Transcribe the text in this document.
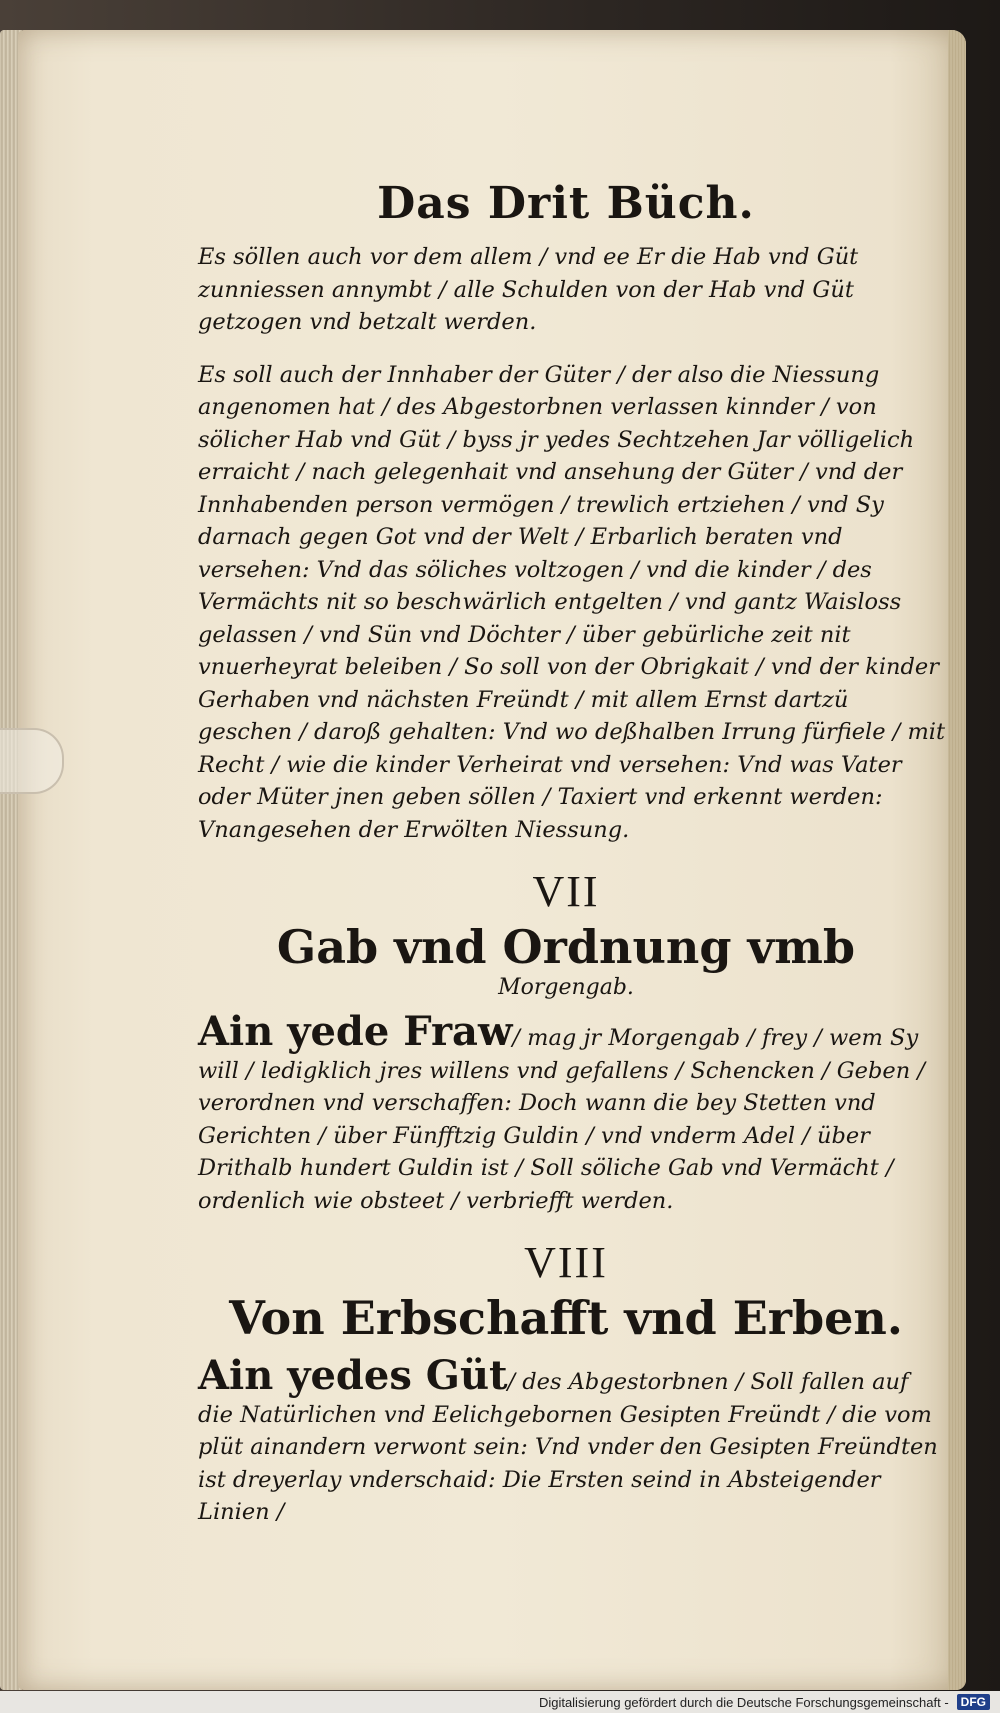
Das Drit Büch.

Es söllen auch vor dem allem / vnd ee Er die Hab vnd Güt zunniessen annymbt / alle Schulden von der Hab vnd Güt getzogen vnd betzalt werden.

Es soll auch der Innhaber der Güter / der also die Niessung angenomen hat / des Abgestorbnen verlassen kinnder / von sölicher Hab vnd Güt / byss jr yedes Sechtzehen Jar völligelich erraicht / nach gelegenhait vnd ansehung der Güter / vnd der Innhabenden person vermögen / trewlich ertziehen / vnd Sy darnach gegen Got vnd der Welt / Erbarlich beraten vnd versehen: Vnd das söliches voltzogen / vnd die kinder / des Vermächts nit so beschwärlich entgelten / vnd gantz Waisloss gelassen / vnd Sün vnd Döchter / über gebürliche zeit nit vnuerheyrat beleiben / So soll von der Obrigkait / vnd der kinder Gerhaben vnd nächsten Freündt / mit allem Ernst dartzü geschen / daroß gehalten: Vnd wo deßhalben Irrung fürfiele / mit Recht / wie die kinder Verheirat vnd versehen: Vnd was Vater oder Müter jnen geben söllen / Taxiert vnd erkennt werden: Vnangesehen der Erwölten Niessung.

VII
Gab vnd Ordnung vmb
Morgengab.

Ain yede Fraw/ mag jr Morgengab / frey / wem Sy will / ledigklich jres willens vnd gefallens / Schencken / Geben / verordnen vnd verschaffen: Doch wann die bey Stetten vnd Gerichten / über Fünfftzig Guldin / vnd vnderm Adel / über Drithalb hundert Guldin ist / Soll söliche Gab vnd Vermächt / ordenlich wie obsteet / verbriefft werden.

VIII
Von Erbschafft vnd Erben.

Ain yedes Güt/ des Abgestorbnen / Soll fallen auf die Natürlichen vnd Eelichgebornen Gesipten Freündt / die vom plüt ainandern verwont sein: Vnd vnder den Gesipten Freündten ist dreyerlay vnderschaid: Die Ersten seind in Absteigender Linien /

Digitalisierung gefördert durch die Deutsche Forschungsgemeinschaft -	DFG
